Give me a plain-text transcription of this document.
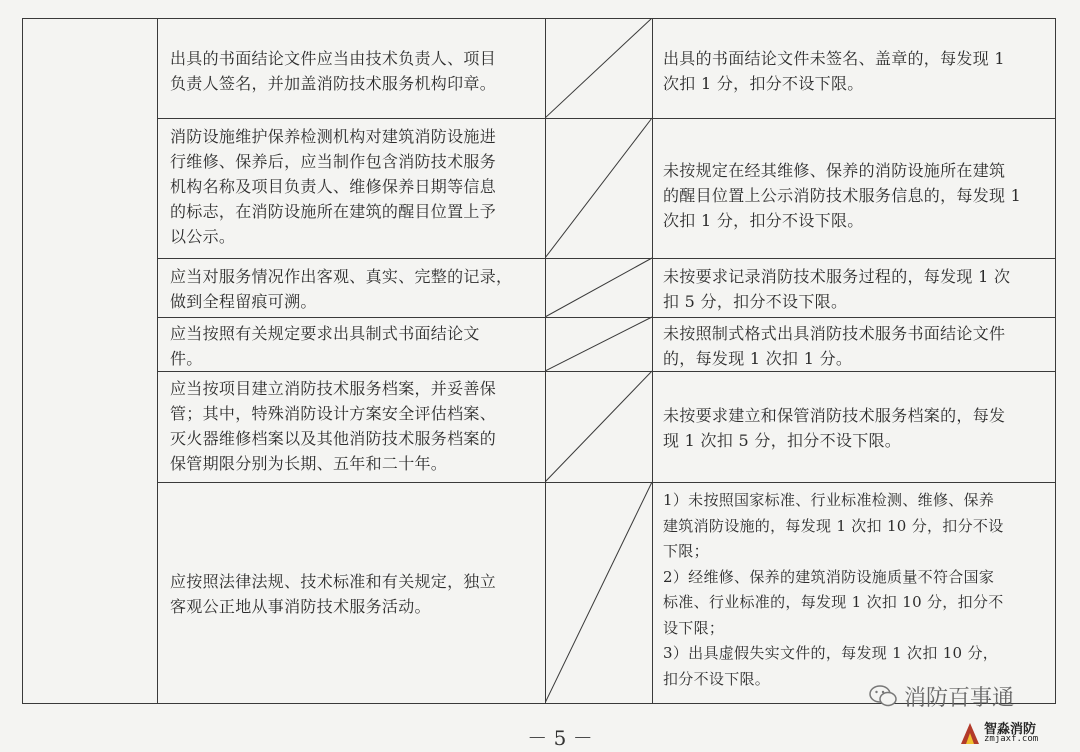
出具的书面结论文件应当由技术负责人、项目
负责人签名，并加盖消防技术服务机构印章。
出具的书面结论文件未签名、盖章的，每发现 1
次扣 1 分，扣分不设下限。
消防设施维护保养检测机构对建筑消防设施进
行维修、保养后，应当制作包含消防技术服务
机构名称及项目负责人、维修保养日期等信息
的标志，在消防设施所在建筑的醒目位置上予
以公示。
未按规定在经其维修、保养的消防设施所在建筑
的醒目位置上公示消防技术服务信息的，每发现 1
次扣 1 分，扣分不设下限。
应当对服务情况作出客观、真实、完整的记录，
做到全程留痕可溯。
未按要求记录消防技术服务过程的，每发现 1 次
扣 5 分，扣分不设下限。
应当按照有关规定要求出具制式书面结论文
件。
未按照制式格式出具消防技术服务书面结论文件
的，每发现 1 次扣 1 分。
应当按项目建立消防技术服务档案，并妥善保
管；其中，特殊消防设计方案安全评估档案、
灭火器维修档案以及其他消防技术服务档案的
保管期限分别为长期、五年和二十年。
未按要求建立和保管消防技术服务档案的，每发
现 1 次扣 5 分，扣分不设下限。
应按照法律法规、技术标准和有关规定，独立
客观公正地从事消防技术服务活动。
1）未按照国家标准、行业标准检测、维修、保养
建筑消防设施的，每发现 1 次扣 10 分，扣分不设
下限；
2）经维修、保养的建筑消防设施质量不符合国家
标准、行业标准的，每发现 1 次扣 10 分，扣分不
设下限；
3）出具虚假失实文件的，每发现 1 次扣 10 分，
扣分不设下限。
消防百事通
－ 5 －	智淼消防
zmjaxf.com
